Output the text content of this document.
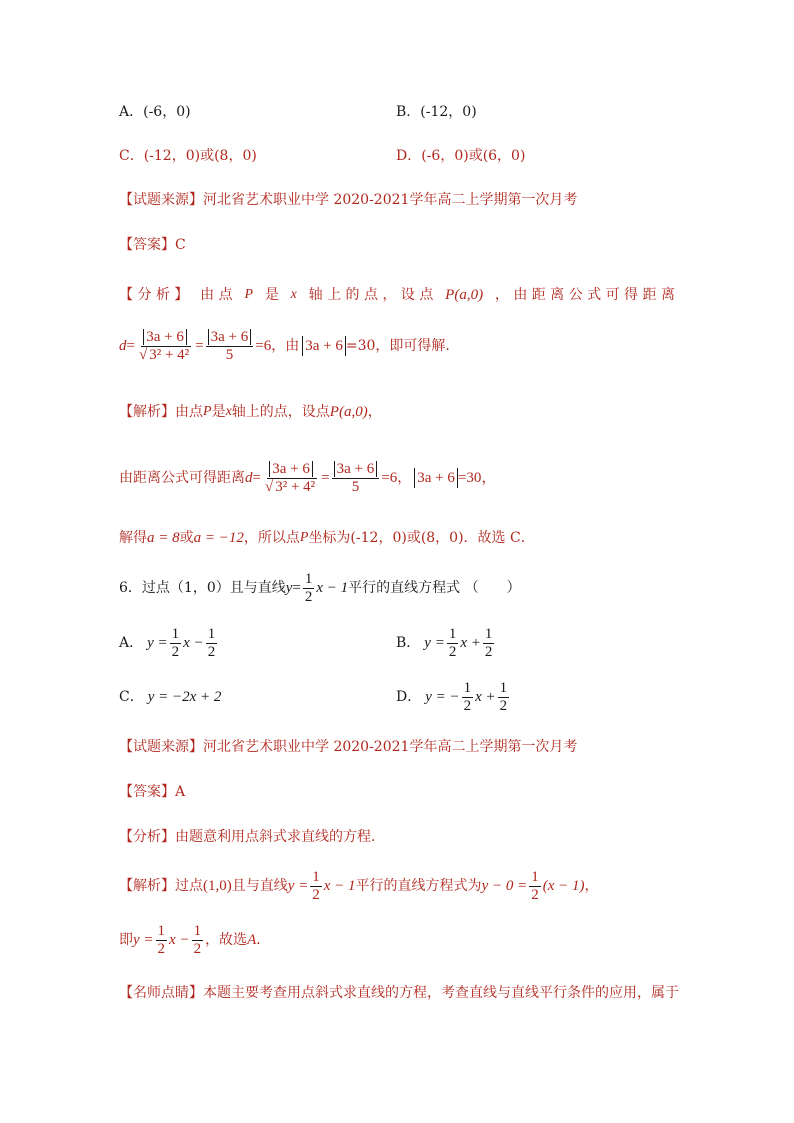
A．(-6，0)	B．(-12，0)
C．(-12，0)或(8，0)	D．(-6，0)或(6，0)
【试题来源】河北省艺术职业中学 2020-2021学年高二上学期第一次月考
【答案】C
【 分 析 】 由 点 P 是 x 轴 上 的 点 ， 设 点 P(a,0) ， 由 距 离 公 式 可 得 距 离
$d = \frac{3a + 6}{\text{√ 3² + 4²}} = \frac{3a + 6}{5} =6$ ，由 3a + 6 =30，即可得解．
【解析】 由点 P 是 x 轴上的点，设点 P(a,0) ，
由距离公式可得距离 $d = \frac{3a + 6}{\text{√ 3² + 4²}} = \frac{3a + 6}{5} =6$ ， 3a + 6 =30，
解得 a = 8 或 a = −12 ，所以点 P 坐标为(-12，0)或(8，0)．故选 C．
6．过点（1，0）且与直线 $y = \frac{1}{2}$ x − 1 平行的直线方程式 （　　）
A． $y = \frac{1}{2}$ $x - \frac{1}{2}$	B． $y = \frac{1}{2}$ $x + \frac{1}{2}$
C． y = −2x + 2	D． y = − $\frac{1}{2}$ $x + \frac{1}{2}$
【试题来源】河北省艺术职业中学 2020-2021学年高二上学期第一次月考
【答案】A
【分析】由题意利用点斜式求直线的方程．
【解析】 过点 (1,0) 且与直线 $y = \frac{1}{2}$ x − 1 平行的直线方程式为 $y - 0 = \frac{1}{2} (x - 1)$ ，
即 $y = \frac{1}{2}$ $x - \frac{1}{2}$ ，故选 A ．
【名师点睛】本题主要考查用点斜式求直线的方程，考查直线与直线平行条件的应用，属于
